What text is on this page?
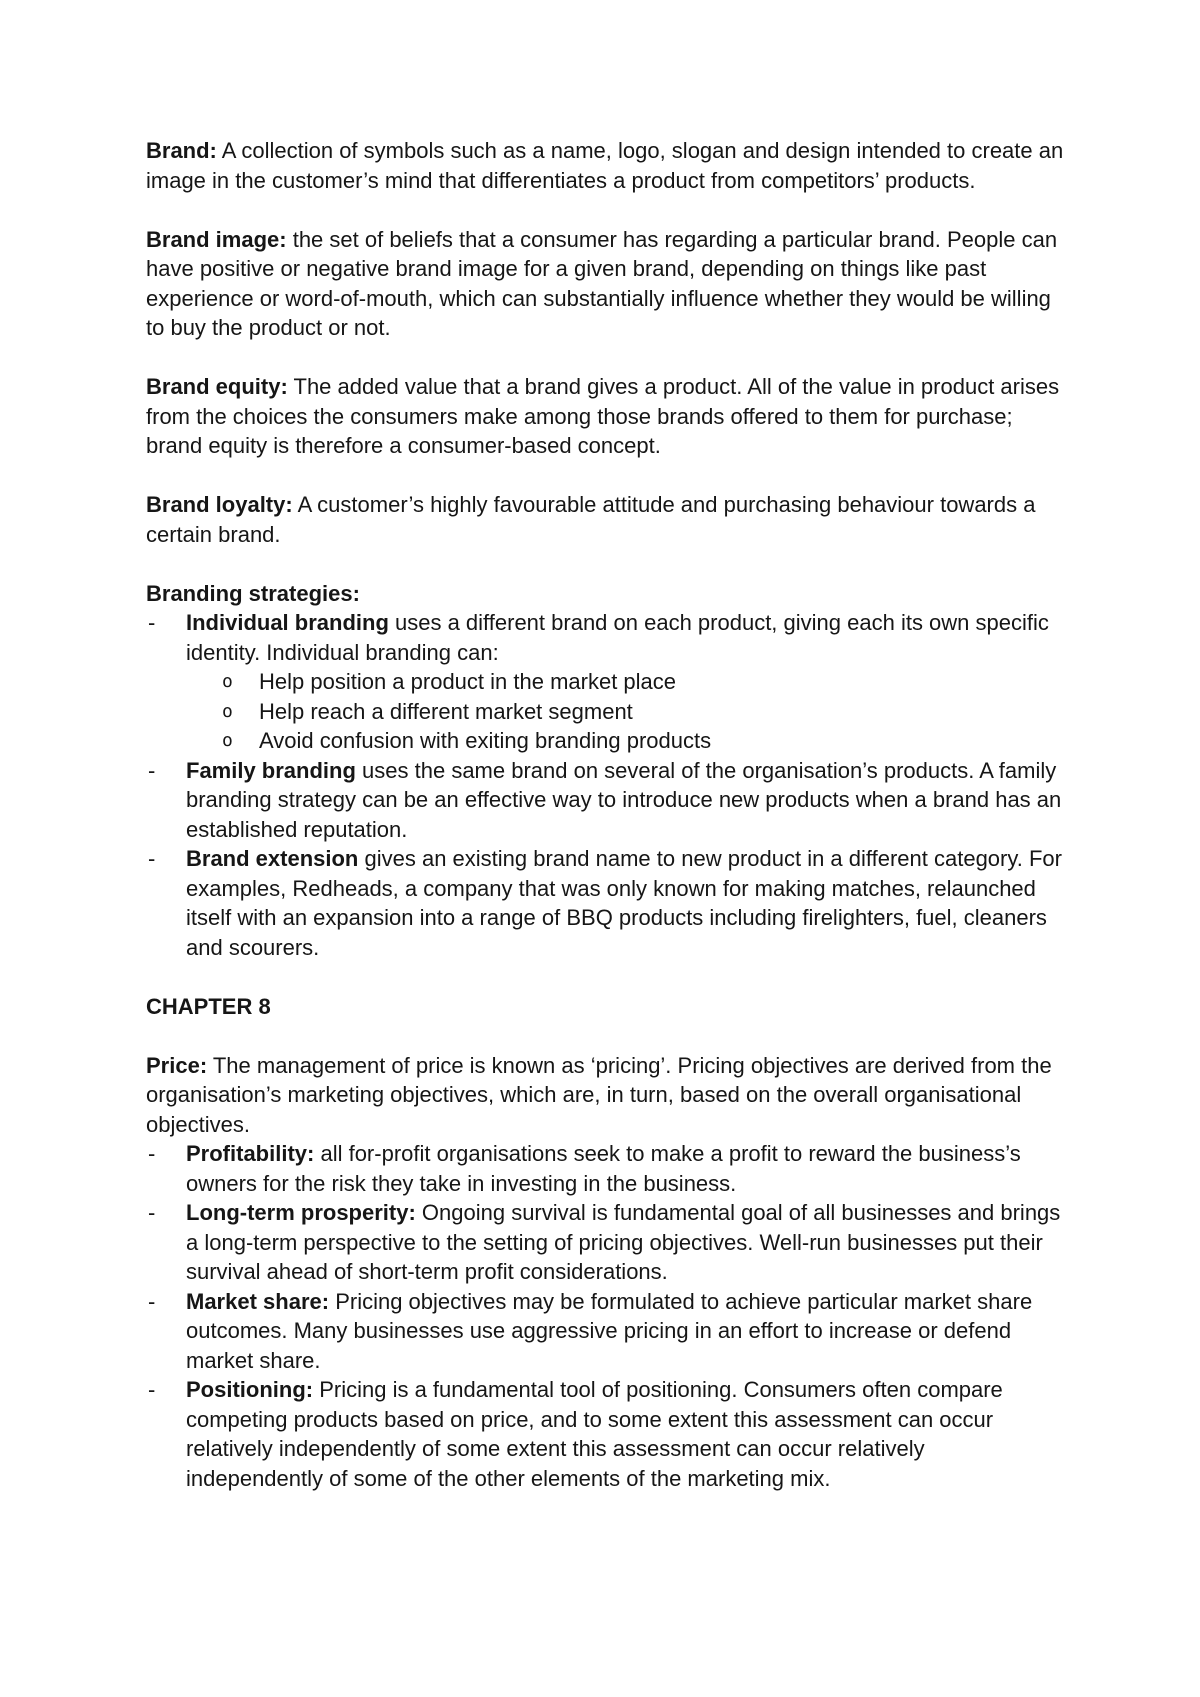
Brand: A collection of symbols such as a name, logo, slogan and design intended to create an image in the customer’s mind that differentiates a product from competitors’ products.

Brand image: the set of beliefs that a consumer has regarding a particular brand. People can have positive or negative brand image for a given brand, depending on things like past experience or word-of-mouth, which can substantially influence whether they would be willing to buy the product or not.

Brand equity: The added value that a brand gives a product. All of the value in product arises from the choices the consumers make among those brands offered to them for purchase; brand equity is therefore a consumer-based concept.

Brand loyalty: A customer’s highly favourable attitude and purchasing behaviour towards a certain brand.

Branding strategies:

- Individual branding uses a different brand on each product, giving each its own specific identity. Individual branding can:
o Help position a product in the market place
o Help reach a different market segment
o Avoid confusion with exiting branding products
- Family branding uses the same brand on several of the organisation’s products. A family branding strategy can be an effective way to introduce new products when a brand has an established reputation.
- Brand extension gives an existing brand name to new product in a different category. For examples, Redheads, a company that was only known for making matches, relaunched itself with an expansion into a range of BBQ products including firelighters, fuel, cleaners and scourers.

CHAPTER 8

Price: The management of price is known as ‘pricing’. Pricing objectives are derived from the organisation’s marketing objectives, which are, in turn, based on the overall organisational objectives.

- Profitability: all for-profit organisations seek to make a profit to reward the business’s owners for the risk they take in investing in the business.
- Long-term prosperity: Ongoing survival is fundamental goal of all businesses and brings a long-term perspective to the setting of pricing objectives. Well-run businesses put their survival ahead of short-term profit considerations.
- Market share: Pricing objectives may be formulated to achieve particular market share outcomes. Many businesses use aggressive pricing in an effort to increase or defend market share.
- Positioning: Pricing is a fundamental tool of positioning. Consumers often compare competing products based on price, and to some extent this assessment can occur relatively independently of some extent this assessment can occur relatively independently of some of the other elements of the marketing mix.
